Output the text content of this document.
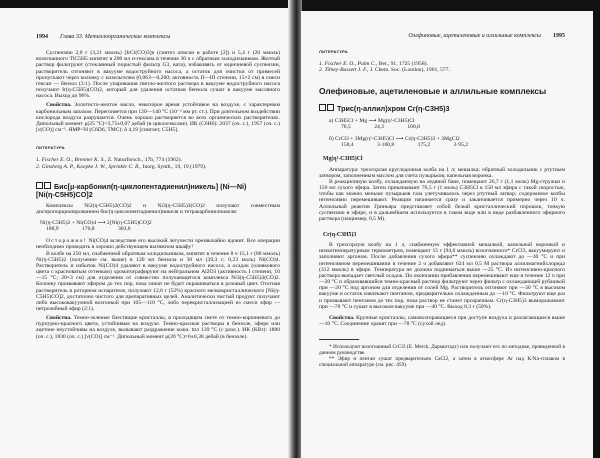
1994 Глава 33. Металлоорганические комплексы

Суспензию 2,0 г (3,21 ммоль) [IrCl(CO)3]n (синтез описан в работе [2]) и 5,4 г (20 ммоль) возогнанного TlC5H5 кипятят в 200 мл н-гексана в течение 30 ч с обратным холодильником. Желтый раствор фильтруют (стеклянный пористый фильтр G3, вата), избавляясь от коричневой суспензии, растворитель отгоняют в вакууме водоструйного насоса, а остаток для очистки от примесей пропускают через колонку с кизельгелем (0,063—0,200; активность II—III степени, 15×2 см) в смеси гексан — бензол (3:1). После упаривания светло-желтого раствора в вакууме водоструйного насоса получают Ir(η-C5H5)(CO)2, который для удаления остатков бензола сушат в вакууме масляного насоса. Выход до 96%.

Свойства. Золотисто-желтое масло, некоторое время устойчивое на воздухе, с характерным карбонильным запахом. Перегоняется при 120—140 °С (10⁻² мм рт. ст.). При длительном воздействии кислорода воздуха разрушается. Очень хорошо растворяется во всех органических растворителях. Дипольный момент μ(25 °С)=3,75±0,07 дебай (в циклогексане). ИК (C6H6): 2037 (оч. с.), 1957 (оч. с.) [ν(CO)] см⁻¹. ЯМР-¹H (C6D6, ТМС): δ 4,19 [синглет, C5H5].

ЛИТЕРАТУРА

1. Fischer E. O., Brenner K. S., Z. Naturforsch., 17b, 774 (1962).

2. Ginsberg A. P., Koepke J. W., Sprinkle C. R., Inorg. Synth., 19, 19 (1979).

Бис[μ-карбонил(η-циклопентадиенил)никель] (Ni—Ni)
[Ni(η-C5H5)CO]2

Комплексы Ni2(η-C5H5)2(CO)2 и Ni3(η-C5H5)3(CO)2 получают совместным диспропорционированием бис(η-циклопентадиенил)никеля и тетракарбонилникеля:

Ni(η-C5H5)2 + Ni(CO)4 ⟶ 2[Ni(η-C5H5)CO]2
188,9 170,8 303,6

Осторожно! Ni(CO)4 вследствие его высокой летучести чрезвычайно ядовит. Все операции необходимо проводить в хорошо действующем вытяжном шкафу!

В колбе на 250 мл, снабженной обратным холодильником, кипятят в течение 8 ч 15,1 г (80 ммоль) Ni(η-C5H5)2 (получение см. выше) в 120 мл бензола и 30 мл (39,3 г; 0,23 моль) Ni(CO)4. Растворитель и избыток Ni(CO)4 удаляют в вакууме водоструйного насоса, а осадок (оливкового цвета с красноватым оттенком) хроматографируют на нейтральном Al2O3 (активность I степени, 10—15 °С; 20×3 см) для отделения от совместно получающегося комплекса Ni3(η-C5H5)3(CO)2. Колонку промывают эфиром до тех пор, пока элюат не будет окрашиваться в розовый цвет. Отогнав растворитель в роторном испарителе, получают 12,6 г (52%) красного мелкокристаллического [Ni(η-C5H5)CO]2, достаточно чистого для препаративных целей. Аналитически чистый продукт получают либо высоковакуумной возгонкой при 105—110 °С, либо перекристаллизацией из смеси эфир — петролейный эфир (2:1).

Свойства. Темно-зеленые блестящие кристаллы, в проходящем свете от темно-коричневого до пурпурно-красного цвета, устойчивые на воздухе. Темно-красные растворы в бензоле, эфире или ацетоне неустойчивы на воздухе, вызывают раздражение кожи. tпл 139 °С (с разл.). ИК (KBr): 1880 (оч. с.), 1830 (оч. с.) [ν(CO)] см⁻¹. Дипольный момент μ(20 °С)=0±0,38 дебай (в бензоле).

Олефиновые, ацетиленовые и аллильные комплексы 1995
ЛИТЕРАТУРА

1. Fischer E. O., Palm C., Ber., 91, 1725 (1958).

2. Tilney-Bassett J. F., J. Chem. Soc. (London), 1961, 577.

Олефиновые, ацетиленовые и аллильные комплексы
Трис(η-аллил)хром Cr(η-C3H5)3
а) C3H5Cl + Mg ⟶ Mg(η¹-C3H5)Cl
76,5 24,3 100,8
б) CrCl3 + 3Mg(η¹-C3H5)Cl ⟶ Cr(η-C3H5)3 + 3MgCl2
158,4 3·100,8 175,2 3·95,2
Mg(η¹-C3H5)Cl

Аппаратура: трехгорлая круглодонная колба на 1 л; мешалка; обратный холодильник с ртутным затвором, заполненным маслом для счета пузырьков; капельная воронка.

В реакционную колбу, охлаждаемую на ледяной бане, помещают 26,7 г (1,1 моль) Mg-стружки и 150 мл сухого эфира. Затем прикапывают 76,5 г (1 моль) C3H5Cl в 150 мл эфира с такой скоростью, чтобы как можно меньше пузырьков газа улетучивалось через ртутный затвор; содержимое колбы интенсивно перемешивают. Реакция начинается сразу и заканчивается примерно через 10 ч. Аллильный реактив Гриньяра представляет собой белый кристаллический порошок, тонкую суспензию в эфире, и в дальнейшем используется в таком виде или в виде разбавленного эфирного раствора (например, 0,5 М).

Cr(η-C3H5)3

В трехгорлую колбу на 1 л, снабженную эффективной мешалкой, капельной воронкой и низкотемпературным термометром, помещают 15 г (94,6 ммоль) возогнанного* CrCl3, вакуумируют и заполняют аргоном. После добавления сухого эфира** суспензию охлаждают до —30 °С и при интенсивном перемешивании в течение 2 ч добавляют 624 мл 0,5 М раствора аллилмагнийхлорида (312 ммоль) в эфире. Температура не должна подниматься выше —25 °С. Из интенсивно-красного раствора выпадает светлый осадок. По окончании прибавления перемешивают еще в течение 12 ч при —20 °С и образовавшийся темно-красный раствор фильтруют через фильтр с охлаждающей рубашкой при —20 °С под аргоном для отделения от солей Mg. Растворитель отгоняют при —30 °С в высоком вакууме и остаток извлекают пентаном, предварительно охлажденным до —10 °С. Фильтруют еще раз и промывают пентаном до тех пор, пока раствор не станет прозрачным. Cr(η-C3H5)3 вымораживают при —78 °С и сушат в высоком вакууме при —40 °С. Выход 8,3 г (50%).

Свойства. Крупные кристаллы, самовозгорающиеся при доступе воздуха и разлагающиеся выше —10 °С. Соединение хранят при —78 °С (сухой лед).

* Используют возогнанный CrCl3 (E. Merck, Дармштадт) или получают его по методике, приведенной в данном руководстве.

** Эфир и пентан сушат предварительно CaCl2, а затем в атмосфере Ar над K/Na-сплавом в специальной аппаратуре (см. рис. 459).
